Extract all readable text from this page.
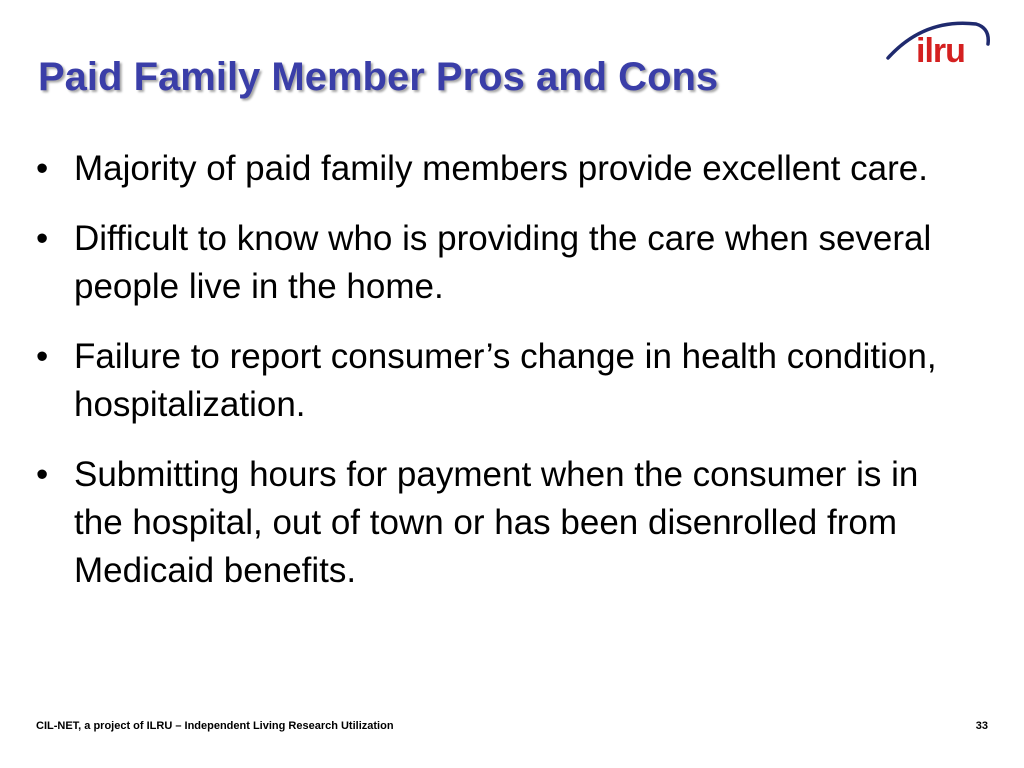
Paid Family Member Pros and Cons
ilru
• Majority of paid family members provide excellent care.
• Difficult to know who is providing the care when several people live in the home.
• Failure to report consumer’s change in health condition, hospitalization.
• Submitting hours for payment when the consumer is in the hospital, out of town or has been disenrolled from Medicaid benefits.
CIL-NET, a project of ILRU – Independent Living Research Utilization	33
